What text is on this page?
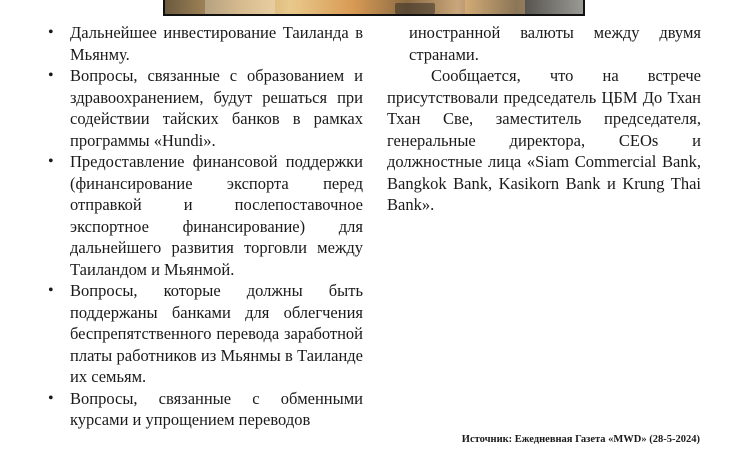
• Дальнейшее инвестирование Таиланда в Мьянму.
• Вопросы, связанные с образованием и здравоохранением, будут решаться при содействии тайских банков в рамках программы «Hundi».
• Предоставление финансовой поддержки (финансирование экспорта перед отправкой и послепоставочное экспортное финансирование) для дальнейшего развития торговли между Таиландом и Мьянмой.
• Вопросы, которые должны быть поддержаны банками для облегчения беспрепятственного перевода заработной платы работников из Мьянмы в Таиланде их семьям.
• Вопросы, связанные с обменными курсами и упрощением переводов

иностранной валюты между двумя странами.

Сообщается, что на встрече присутствовали председатель ЦБМ До Тхан Тхан Све, заместитель председателя, генеральные директора, CEOs и должностные лица «Siam Commercial Bank, Bangkok Bank, Kasikorn Bank и Krung Thai Bank».

Источник: Ежедневная Газета «MWD» (28-5-2024)
